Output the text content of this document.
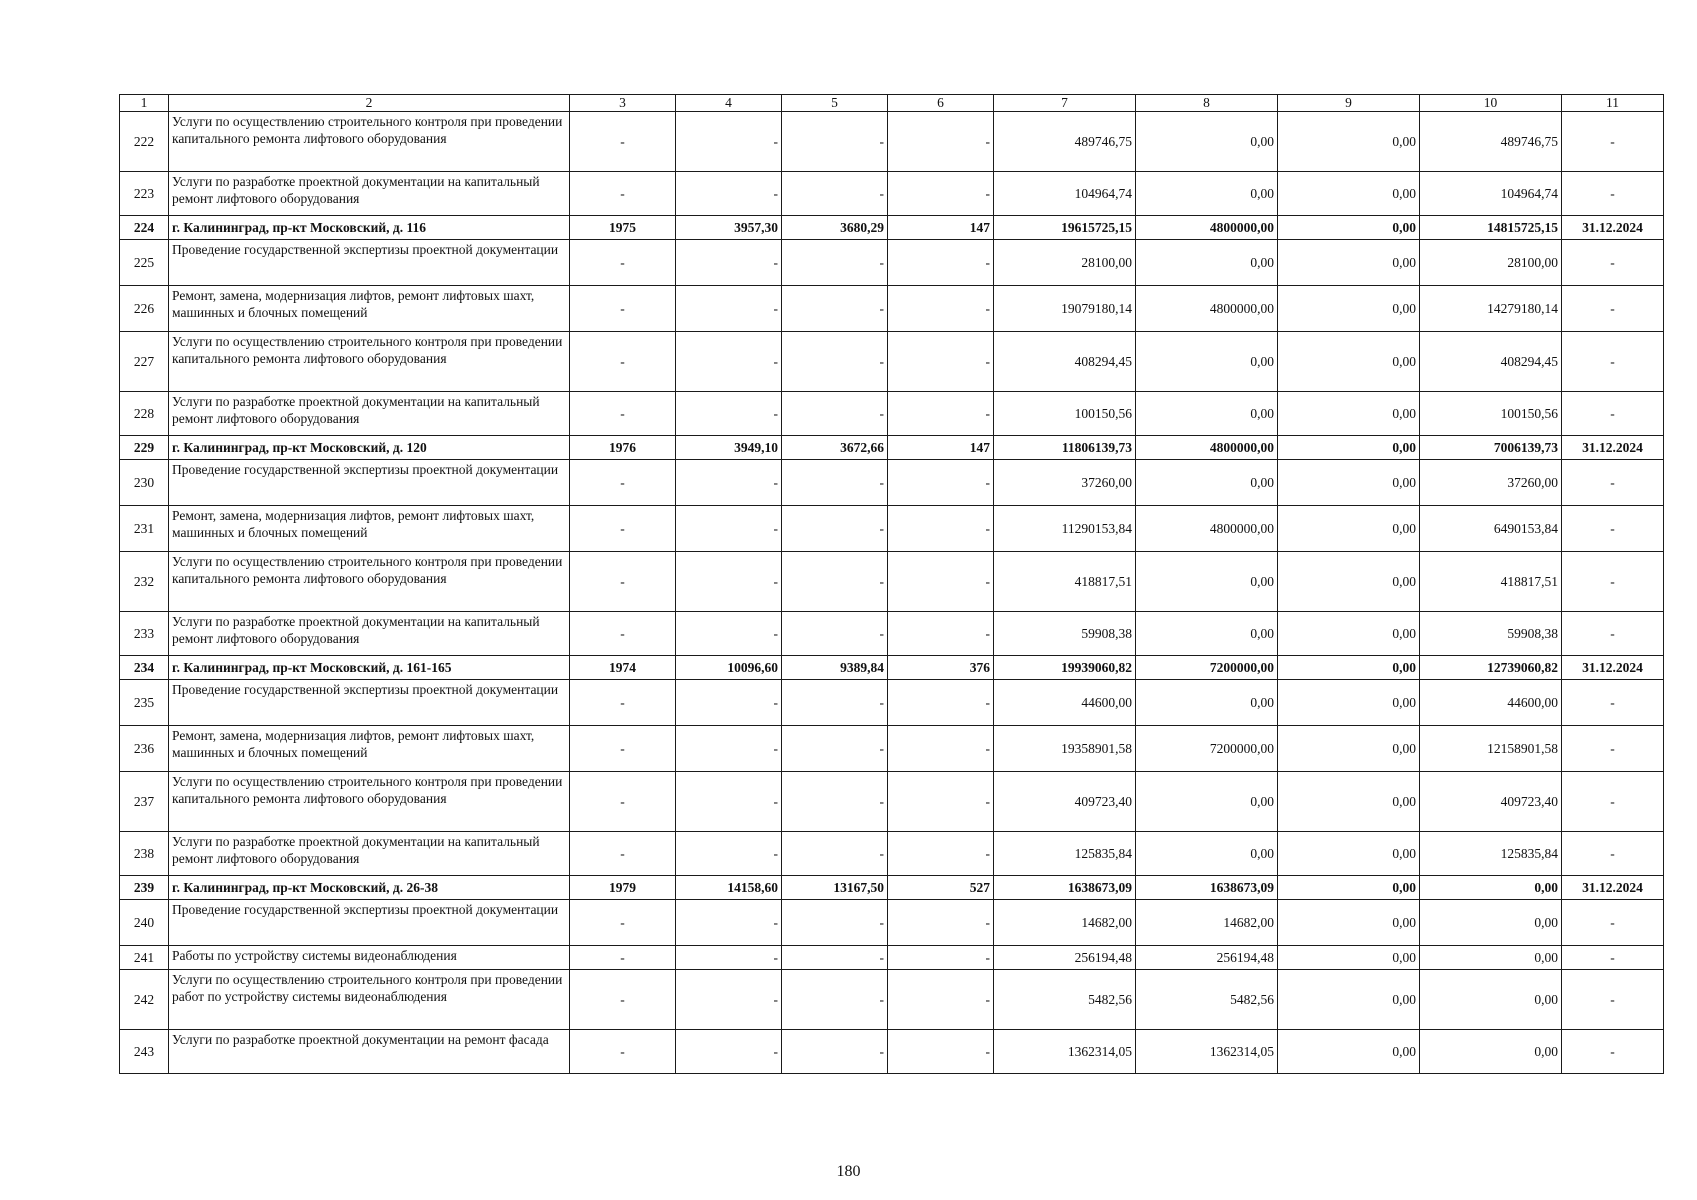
1	2	3	4	5	6	7	8	9	10	11
222	Услуги по осуществлению строительного контроля при проведении капитального ремонта лифтового оборудования	-	-	-	-	489746,75	0,00	0,00	489746,75	-
223	Услуги по разработке проектной документации на капитальный ремонт лифтового оборудования	-	-	-	-	104964,74	0,00	0,00	104964,74	-
224	г. Калининград, пр-кт Московский, д. 116	1975	3957,30	3680,29	147	19615725,15	4800000,00	0,00	14815725,15	31.12.2024
225	Проведение государственной экспертизы проектной документации	-	-	-	-	28100,00	0,00	0,00	28100,00	-
226	Ремонт, замена, модернизация лифтов, ремонт лифтовых шахт, машинных и блочных помещений	-	-	-	-	19079180,14	4800000,00	0,00	14279180,14	-
227	Услуги по осуществлению строительного контроля при проведении капитального ремонта лифтового оборудования	-	-	-	-	408294,45	0,00	0,00	408294,45	-
228	Услуги по разработке проектной документации на капитальный ремонт лифтового оборудования	-	-	-	-	100150,56	0,00	0,00	100150,56	-
229	г. Калининград, пр-кт Московский, д. 120	1976	3949,10	3672,66	147	11806139,73	4800000,00	0,00	7006139,73	31.12.2024
230	Проведение государственной экспертизы проектной документации	-	-	-	-	37260,00	0,00	0,00	37260,00	-
231	Ремонт, замена, модернизация лифтов, ремонт лифтовых шахт, машинных и блочных помещений	-	-	-	-	11290153,84	4800000,00	0,00	6490153,84	-
232	Услуги по осуществлению строительного контроля при проведении капитального ремонта лифтового оборудования	-	-	-	-	418817,51	0,00	0,00	418817,51	-
233	Услуги по разработке проектной документации на капитальный ремонт лифтового оборудования	-	-	-	-	59908,38	0,00	0,00	59908,38	-
234	г. Калининград, пр-кт Московский, д. 161-165	1974	10096,60	9389,84	376	19939060,82	7200000,00	0,00	12739060,82	31.12.2024
235	Проведение государственной экспертизы проектной документации	-	-	-	-	44600,00	0,00	0,00	44600,00	-
236	Ремонт, замена, модернизация лифтов, ремонт лифтовых шахт, машинных и блочных помещений	-	-	-	-	19358901,58	7200000,00	0,00	12158901,58	-
237	Услуги по осуществлению строительного контроля при проведении капитального ремонта лифтового оборудования	-	-	-	-	409723,40	0,00	0,00	409723,40	-
238	Услуги по разработке проектной документации на капитальный ремонт лифтового оборудования	-	-	-	-	125835,84	0,00	0,00	125835,84	-
239	г. Калининград, пр-кт Московский, д. 26-38	1979	14158,60	13167,50	527	1638673,09	1638673,09	0,00	0,00	31.12.2024
240	Проведение государственной экспертизы проектной документации	-	-	-	-	14682,00	14682,00	0,00	0,00	-
241	Работы по устройству системы видеонаблюдения	-	-	-	-	256194,48	256194,48	0,00	0,00	-
242	Услуги по осуществлению строительного контроля при проведении работ по устройству системы видеонаблюдения	-	-	-	-	5482,56	5482,56	0,00	0,00	-
243	Услуги по разработке проектной документации на ремонт фасада	-	-	-	-	1362314,05	1362314,05	0,00	0,00	-
180
